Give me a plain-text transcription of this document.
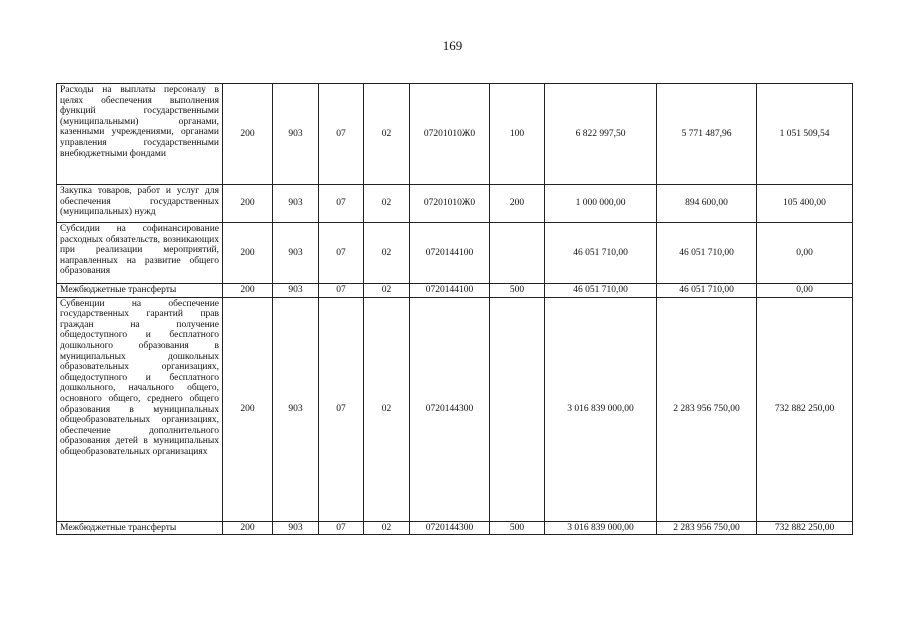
169
Расходы на выплаты персоналу в целях обеспечения выполнения функций государственными (муниципальными) органами, казенными учреждениями, органами управления государственными внебюджетными фондами	200	903	07	02	07201010Ж0	100	6 822 997,50	5 771 487,96	1 051 509,54
Закупка товаров, работ и услуг для обеспечения государственных (муниципальных) нужд	200	903	07	02	07201010Ж0	200	1 000 000,00	894 600,00	105 400,00
Субсидии на софинансирование расходных обязательств, возникающих при реализации мероприятий, направленных на развитие общего образования	200	903	07	02	0720144100		46 051 710,00	46 051 710,00	0,00
Межбюджетные трансферты	200	903	07	02	0720144100	500	46 051 710,00	46 051 710,00	0,00
Субвенции на обеспечение государственных гарантий прав граждан на получение общедоступного и бесплатного дошкольного образования в муниципальных дошкольных образовательных организациях, общедоступного и бесплатного дошкольного, начального общего, основного общего, среднего общего образования в муниципальных общеобразовательных организациях, обеспечение дополнительного образования детей в муниципальных общеобразовательных организациях	200	903	07	02	0720144300		3 016 839 000,00	2 283 956 750,00	732 882 250,00
Межбюджетные трансферты	200	903	07	02	0720144300	500	3 016 839 000,00	2 283 956 750,00	732 882 250,00
